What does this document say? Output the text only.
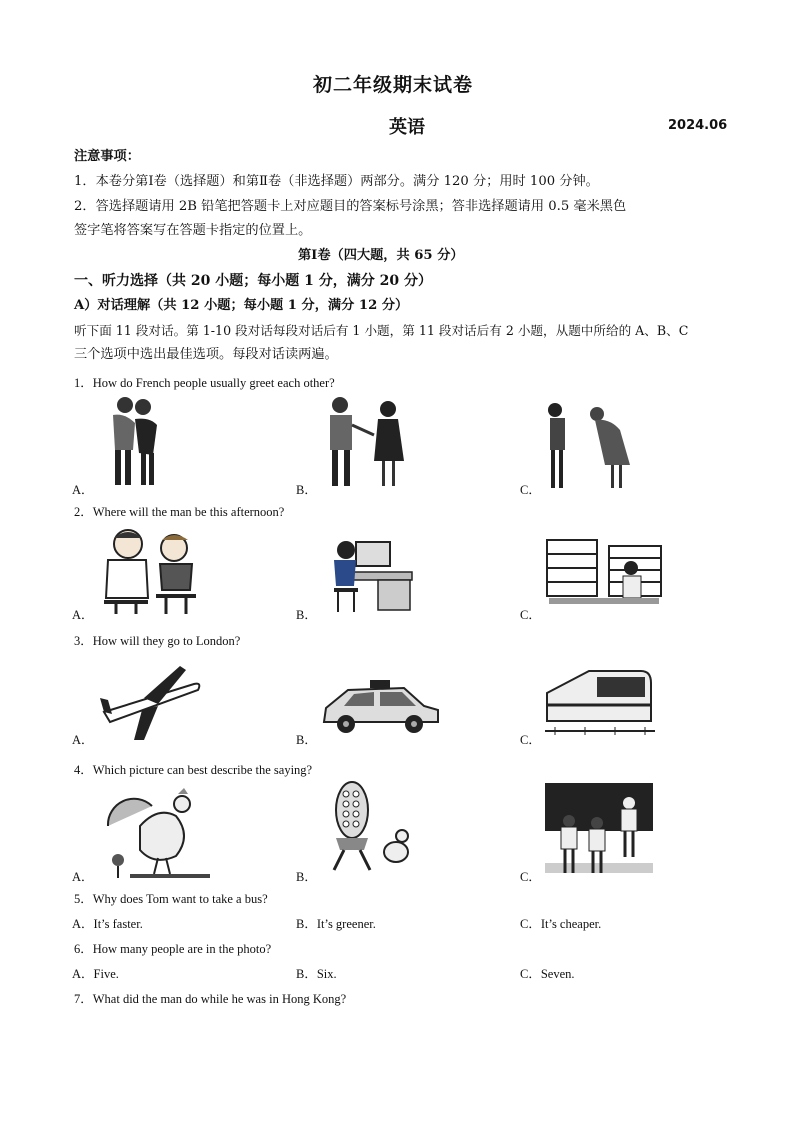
初二年级期末试卷
英语	2024.06
注意事项：
1．本卷分第Ⅰ卷（选择题）和第Ⅱ卷（非选择题）两部分。满分 120 分；用时 100 分钟。
2．答选择题请用 2B 铅笔把答题卡上对应题目的答案标号涂黑；答非选择题请用 0.5 毫米黑色
签字笔将答案写在答题卡指定的位置上。
第Ⅰ卷（四大题，共 65 分）
一、听力选择（共 20 小题；每小题 1 分，满分 20 分）
A）对话理解（共 12 小题；每小题 1 分，满分 12 分）
听下面 11 段对话。第 1-10 段对话每段对话后有 1 小题，第 11 段对话后有 2 小题，从题中所给的 A、B、C
三个选项中选出最佳选项。每段对话读两遍。
1．How do French people usually greet each other?
A．	B．	C．
2．Where will the man be this afternoon?
A．	B．	C．
3．How will they go to London?
A．	B．	C．
4．Which picture can best describe the saying?
A．	B．	C．
5．Why does Tom want to take a bus?
A．It’s faster.	B．It’s greener.	C．It’s cheaper.
6．How many people are in the photo?
A．Five.	B．Six.	C．Seven.
7．What did the man do while he was in Hong Kong?
